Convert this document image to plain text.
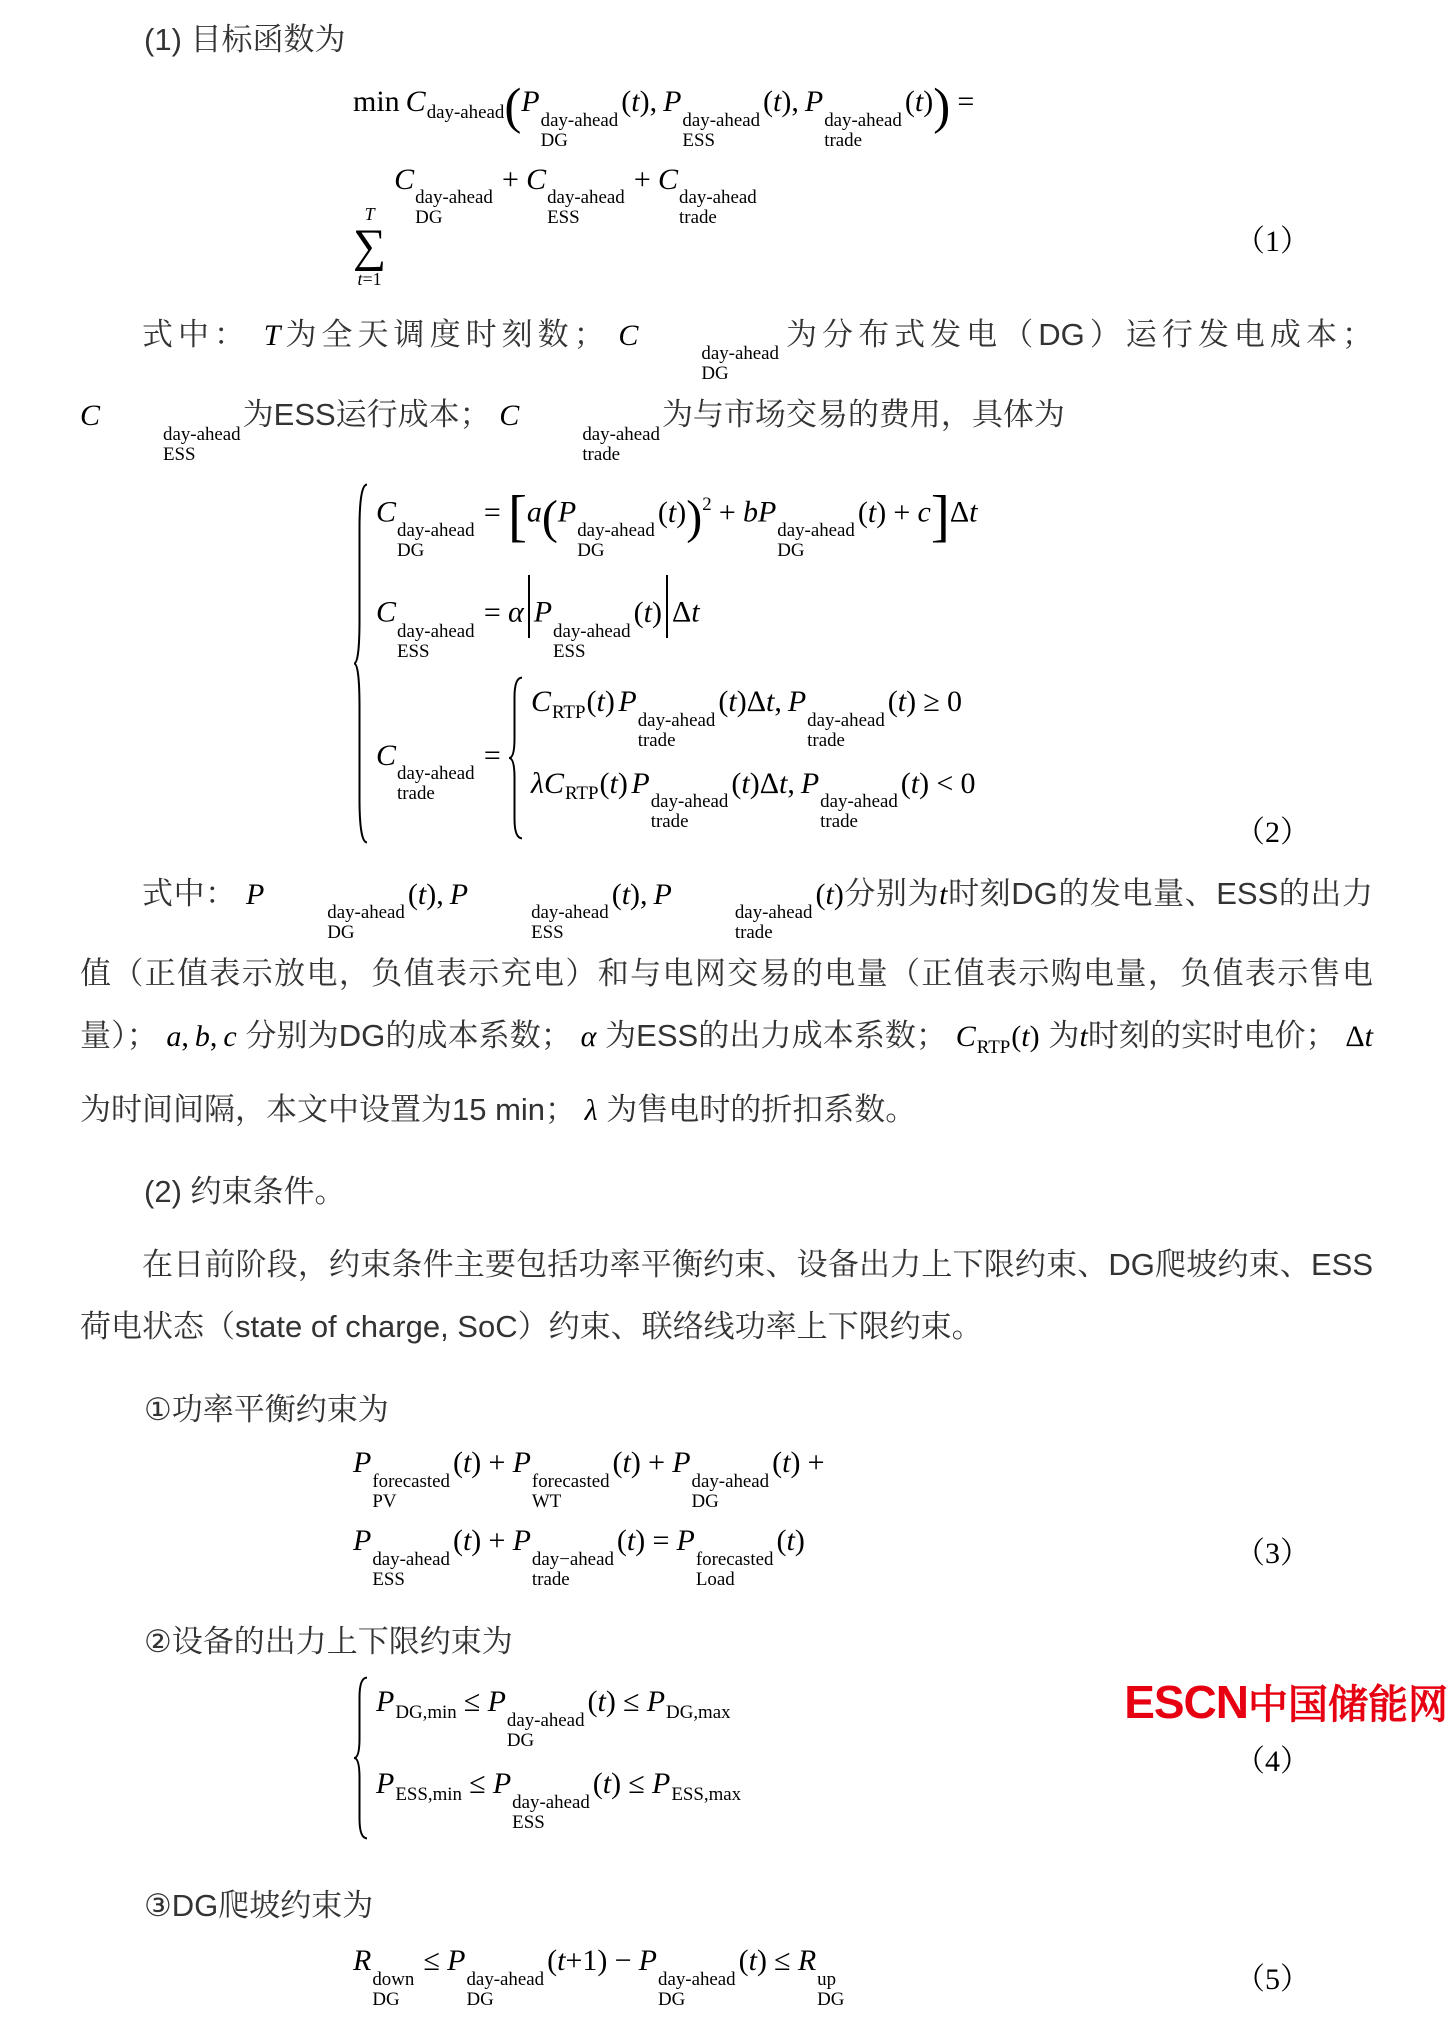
(1) 目标函数为

$\min C_{day-ahead}(P$
day-ahead
DG
(t), P
day-ahead
ESS
(t), P
day-ahead
trade
(t)) =
T
∑
t=1
C
day-ahead
DG
+ C
day-ahead
ESS
+ C
day-ahead
trade
（1）

式中： T为全天调度时刻数； C
day-ahead
DG
为分布式发电（DG）运行发电成本； C
day-ahead
ESS
为ESS运行成本； C
day-ahead
trade
为与市场交易的费用，具体为

C
day-ahead
DG
= [a(P
day-ahead
DG
(t))$^2$ + bP
day-ahead
DG
(t) + c]Δt
C
day-ahead
ESS
= α P
day-ahead
ESS
(t) Δt
C
day-ahead
trade
=
$C_{RTP}(t)$ P
day-ahead
trade
(t)Δt, P
day-ahead
trade
(t) ≥ 0
$\lambda C_{RTP}(t)$ P
day-ahead
trade
(t)Δt, P
day-ahead
trade
(t) < 0
（2）

式中： P
day-ahead
DG
(t), P
day-ahead
ESS
(t), P
day-ahead
trade
(t)分别为t时刻DG的发电量、ESS的出力值（正值表示放电，负值表示充电）和与电网交易的电量（正值表示购电量，负值表示售电量）； a, b, c 分别为DG的成本系数； α 为ESS的出力成本系数； $C_{RTP}(t)$ 为t时刻的实时电价； Δt 为时间间隔，本文中设置为15 min； λ 为售电时的折扣系数。

(2) 约束条件。

在日前阶段，约束条件主要包括功率平衡约束、设备出力上下限约束、DG爬坡约束、ESS荷电状态（state of charge, SoC）约束、联络线功率上下限约束。

①功率平衡约束为

P
forecasted
PV
(t) + P
forecasted
WT
(t) + P
day-ahead
DG
(t) +
P
day-ahead
ESS
(t) + P
day−ahead
trade
(t) = P
forecasted
Load
(t)	（3）

②设备的出力上下限约束为

$P_{DG,min} \le P$
day-ahead
DG
$(t) \le P_{DG,max}$
$P_{ESS,min} \le P$
day-ahead
ESS
$(t) \le P_{ESS,max}$
（4）

③DG爬坡约束为

R
down
DG
≤ P
day-ahead
DG
(t+1) − P
day-ahead
DG
(t) ≤ R
up
DG
（5）
ESCN 中国储能网
